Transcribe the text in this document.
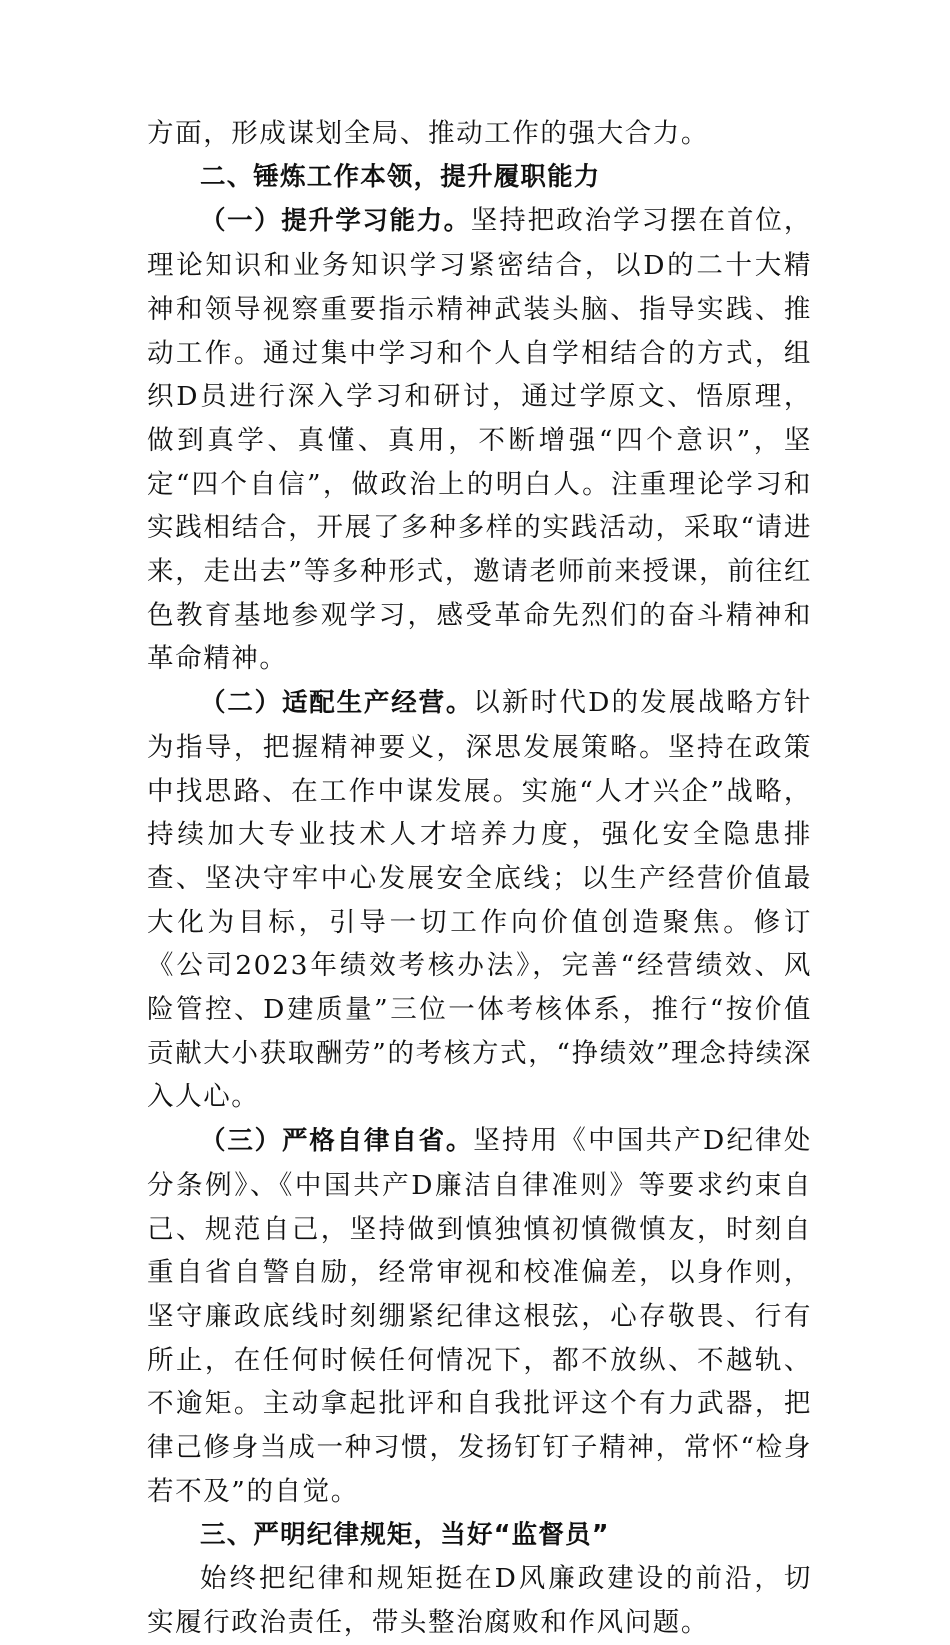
方面，形成谋划全局、推动工作的强大合力。

二、锤炼工作本领，提升履职能力

（一）提升学习能力。坚持把政治学习摆在首位，理论知识和业务知识学习紧密结合，以D的二十大精神和领导视察重要指示精神武装头脑、指导实践、推动工作。通过集中学习和个人自学相结合的方式，组织D员进行深入学习和研讨，通过学原文、悟原理，做到真学、真懂、真用，不断增强“四个意识”，坚定“四个自信”，做政治上的明白人。注重理论学习和实践相结合，开展了多种多样的实践活动，采取“请进来，走出去”等多种形式，邀请老师前来授课，前往红色教育基地参观学习，感受革命先烈们的奋斗精神和革命精神。

（二）适配生产经营。以新时代D的发展战略方针为指导，把握精神要义，深思发展策略。坚持在政策中找思路、在工作中谋发展。实施“人才兴企”战略，持续加大专业技术人才培养力度，强化安全隐患排查、坚决守牢中心发展安全底线；以生产经营价值最大化为目标，引导一切工作向价值创造聚焦。修订《公司2023年绩效考核办法》，完善“经营绩效、风险管控、D建质量”三位一体考核体系，推行“按价值贡献大小获取酬劳”的考核方式，“挣绩效”理念持续深入人心。

（三）严格自律自省。坚持用《中国共产D纪律处分条例》、《中国共产D廉洁自律准则》等要求约束自己、规范自己，坚持做到慎独慎初慎微慎友，时刻自重自省自警自励，经常审视和校准偏差，以身作则，坚守廉政底线时刻绷紧纪律这根弦，心存敬畏、行有所止，在任何时候任何情况下，都不放纵、不越轨、不逾矩。主动拿起批评和自我批评这个有力武器，把律己修身当成一种习惯，发扬钉钉子精神，常怀“检身若不及”的自觉。

三、严明纪律规矩，当好“监督员”

始终把纪律和规矩挺在D风廉政建设的前沿，切实履行政治责任，带头整治腐败和作风问题。
